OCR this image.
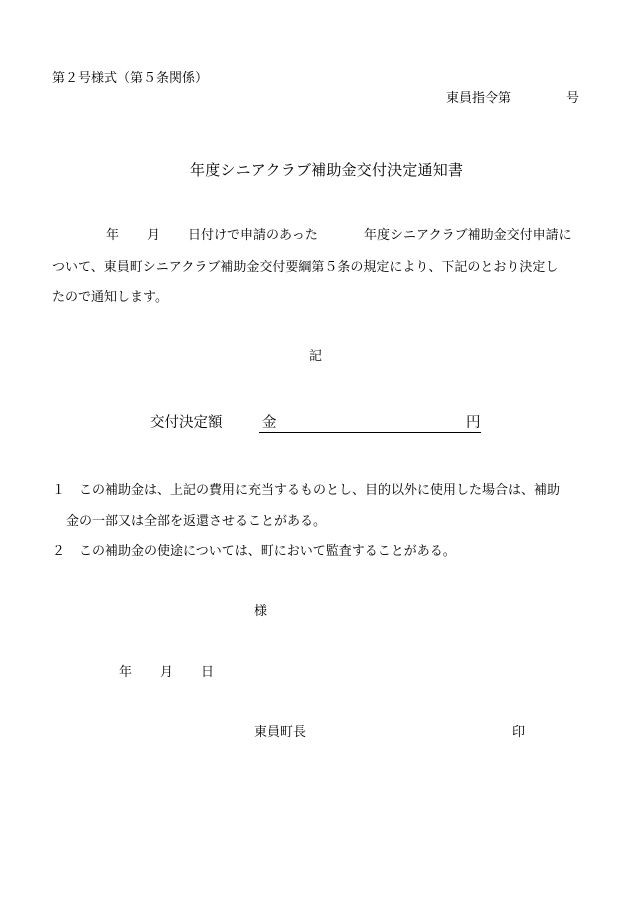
第２号様式（第５条関係）
東員指令第	号
年度シニアクラブ補助金交付決定通知書
年 月 日付けで申請のあった	年度シニアクラブ補助金交付申請に
ついて、東員町シニアクラブ補助金交付要綱第５条の規定により、下記のとおり決定し
たので通知します。
記
交付決定額	金	円
１ この補助金は、上記の費用に充当するものとし、目的以外に使用した場合は、補助
金の一部又は全部を返還させることがある。
２ この補助金の使途については、町において監査することがある。
様
年 月 日
東員町長	印
